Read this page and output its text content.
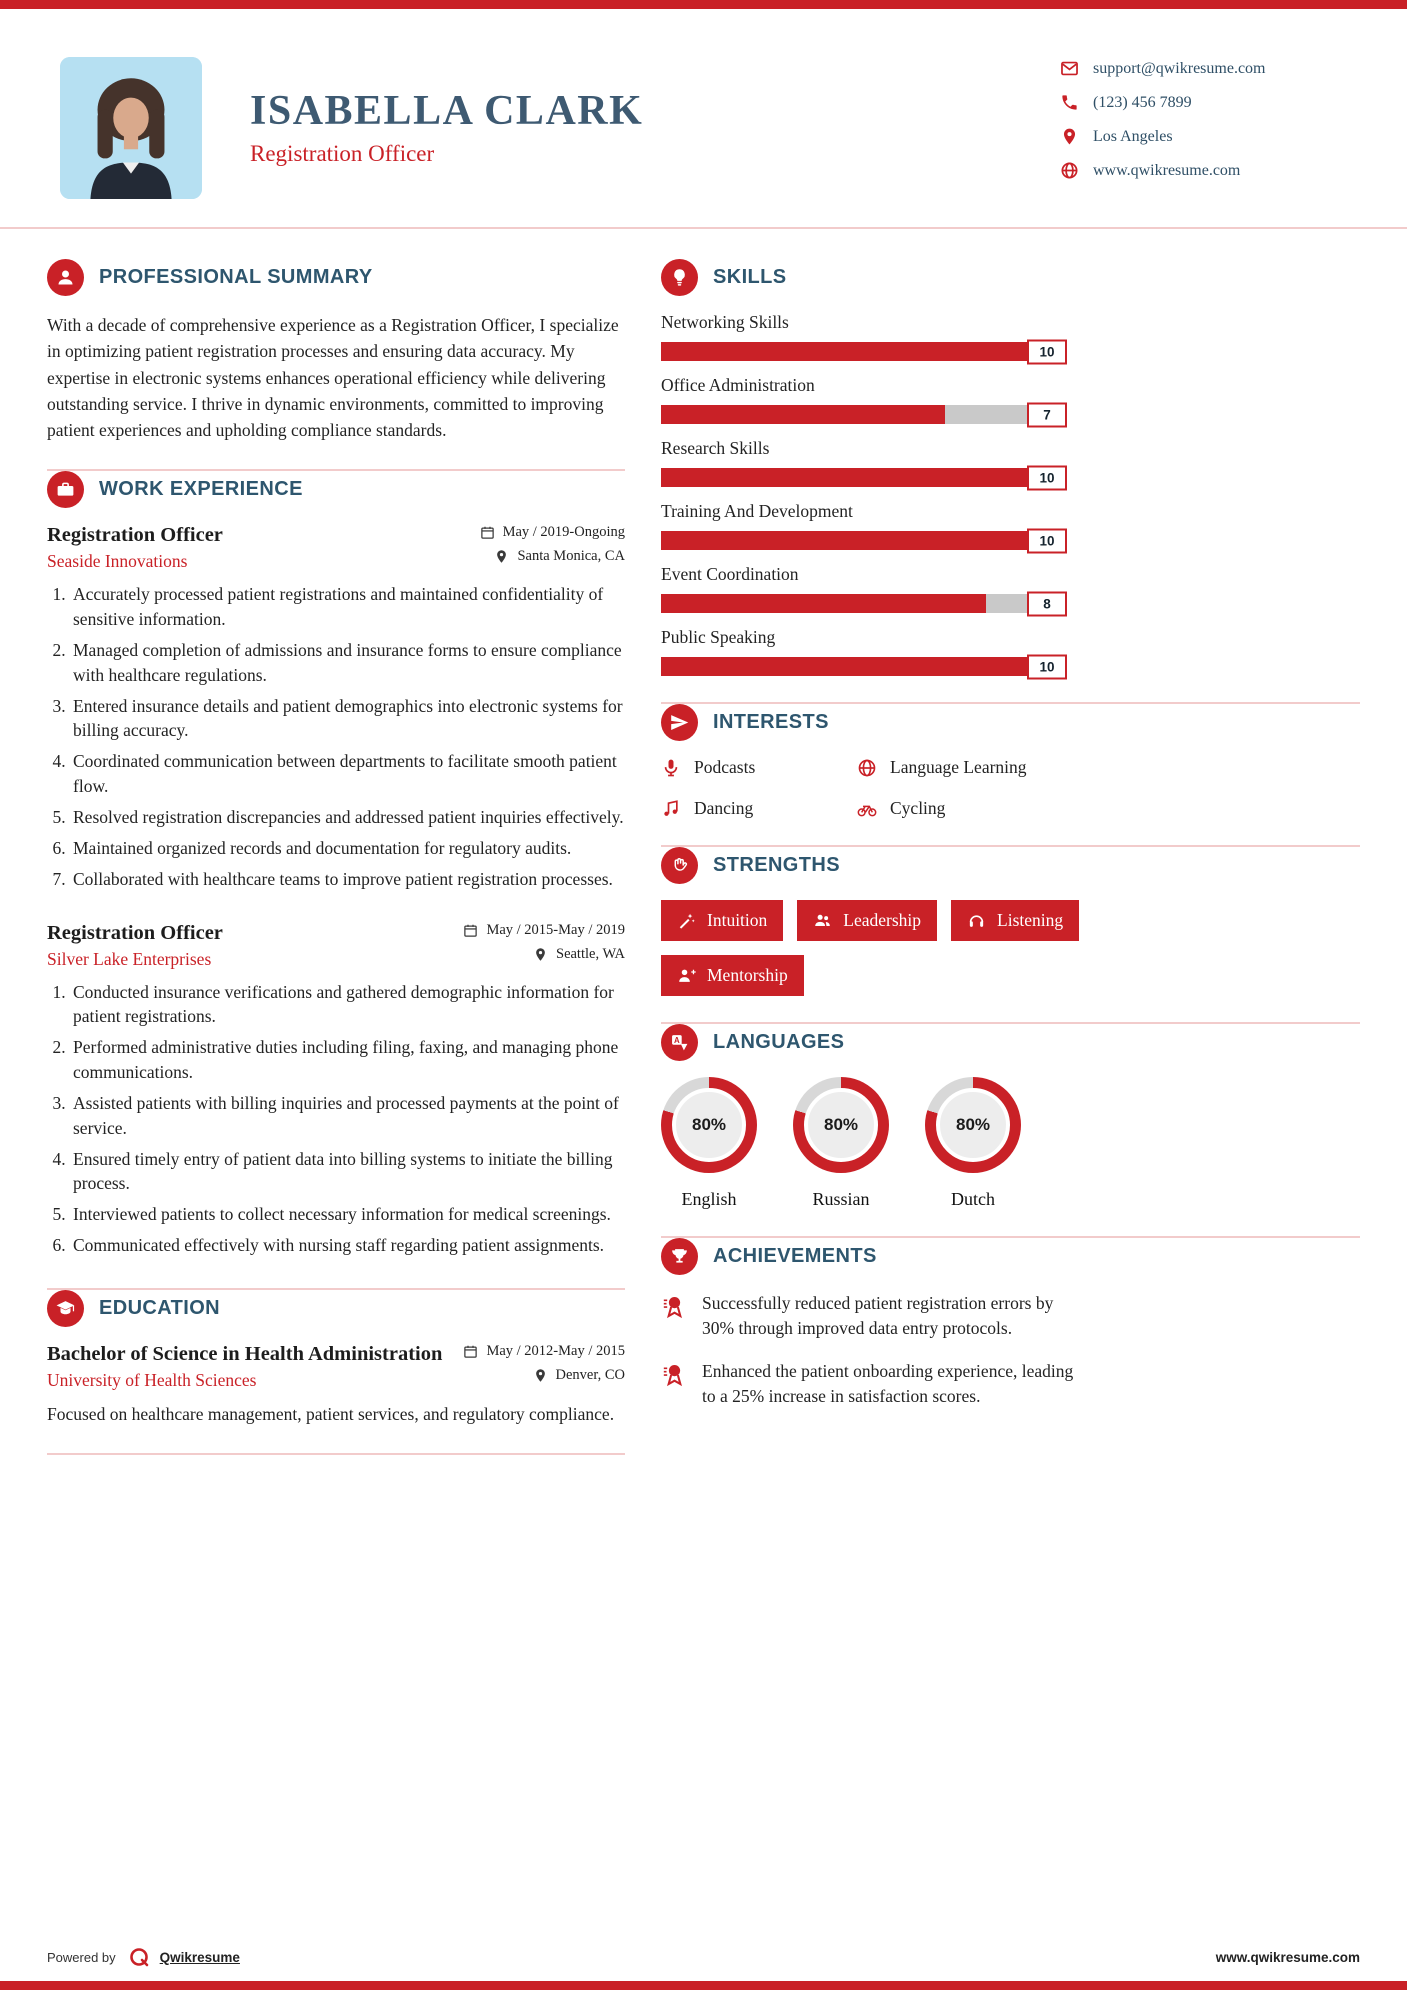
ISABELLA CLARK
Registration Officer
support@qwikresume.com
(123) 456 7899
Los Angeles
www.qwikresume.com
PROFESSIONAL SUMMARY

With a decade of comprehensive experience as a Registration Officer, I specialize in optimizing patient registration processes and ensuring data accuracy. My expertise in electronic systems enhances operational efficiency while delivering outstanding service. I thrive in dynamic environments, committed to improving patient experiences and upholding compliance standards.

WORK EXPERIENCE
Registration Officer
Seaside Innovations
May / 2019-Ongoing
Santa Monica, CA
1. Accurately processed patient registrations and maintained confidentiality of sensitive information.
2. Managed completion of admissions and insurance forms to ensure compliance with healthcare regulations.
3. Entered insurance details and patient demographics into electronic systems for billing accuracy.
4. Coordinated communication between departments to facilitate smooth patient flow.
5. Resolved registration discrepancies and addressed patient inquiries effectively.
6. Maintained organized records and documentation for regulatory audits.
7. Collaborated with healthcare teams to improve patient registration processes.
Registration Officer
Silver Lake Enterprises
May / 2015-May / 2019
Seattle, WA
1. Conducted insurance verifications and gathered demographic information for patient registrations.
2. Performed administrative duties including filing, faxing, and managing phone communications.
3. Assisted patients with billing inquiries and processed payments at the point of service.
4. Ensured timely entry of patient data into billing systems to initiate the billing process.
5. Interviewed patients to collect necessary information for medical screenings.
6. Communicated effectively with nursing staff regarding patient assignments.
EDUCATION
Bachelor of Science in Health Administration
University of Health Sciences
May / 2012-May / 2015
Denver, CO

Focused on healthcare management, patient services, and regulatory compliance.

SKILLS
Networking Skills
10
Office Administration
7
Research Skills
10
Training And Development
10
Event Coordination
8
Public Speaking
10
INTERESTS
Podcasts	Language Learning
Dancing	Cycling
STRENGTHS
Intuition	Leadership	Listening
Mentorship
A LANGUAGES
80%
English
80%
Russian
80%
Dutch
ACHIEVEMENTS

Successfully reduced patient registration errors by 30% through improved data entry protocols.

Enhanced the patient onboarding experience, leading to a 25% increase in satisfaction scores.

Powered by	Qwikresume	www.qwikresume.com
